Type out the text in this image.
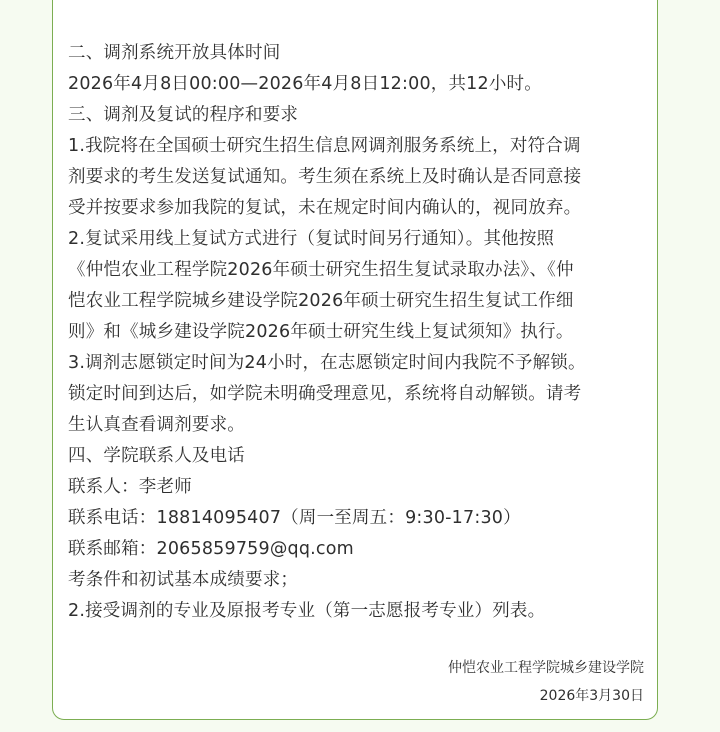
二、调剂系统开放具体时间
2026年4月8日00:00—2026年4月8日12:00，共12小时。
三、调剂及复试的程序和要求
1.我院将在全国硕士研究生招生信息网调剂服务系统上，对符合调
剂要求的考生发送复试通知。考生须在系统上及时确认是否同意接
受并按要求参加我院的复试，未在规定时间内确认的，视同放弃。
2.复试采用线上复试方式进行（复试时间另行通知）。其他按照
《仲恺农业工程学院2026年硕士研究生招生复试录取办法》、《仲
恺农业工程学院城乡建设学院2026年硕士研究生招生复试工作细
则》和《城乡建设学院2026年硕士研究生线上复试须知》执行。
3.调剂志愿锁定时间为24小时，在志愿锁定时间内我院不予解锁。
锁定时间到达后，如学院未明确受理意见，系统将自动解锁。请考
生认真查看调剂要求。
四、学院联系人及电话
联系人：李老师
联系电话：18814095407（周一至周五：9:30-17:30）
联系邮箱：2065859759@qq.com
考条件和初试基本成绩要求；
2.接受调剂的专业及原报考专业（第一志愿报考专业）列表。
仲恺农业工程学院城乡建设学院
2026年3月30日
